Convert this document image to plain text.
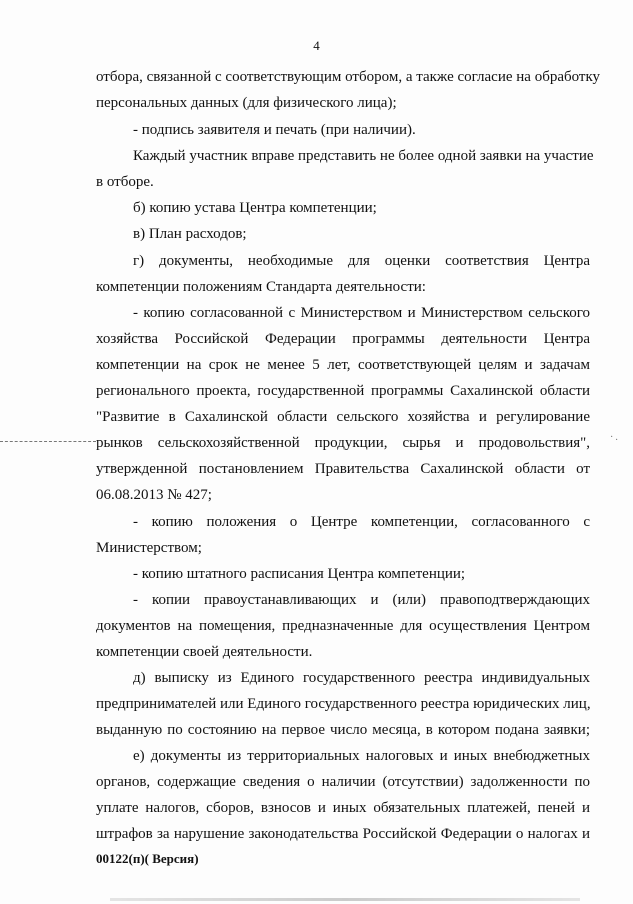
4
отбора, связанной с соответствующим отбором, а также согласие на обработку
персональных данных (для физического лица);
- подпись заявителя и печать (при наличии).
Каждый участник вправе представить не более одной заявки на участие
в отборе.
б) копию устава Центра компетенции;
в) План расходов;
г) документы, необходимые для оценки соответствия Центра
компетенции положениям Стандарта деятельности:
- копию согласованной с Министерством и Министерством сельского
хозяйства Российской Федерации программы деятельности Центра
компетенции на срок не менее 5 лет, соответствующей целям и задачам
регионального проекта, государственной программы Сахалинской области
"Развитие в Сахалинской области сельского хозяйства и регулирование
рынков сельскохозяйственной продукции, сырья и продовольствия",
утвержденной постановлением Правительства Сахалинской области от
06.08.2013 № 427;
- копию положения о Центре компетенции, согласованного с
Министерством;
- копию штатного расписания Центра компетенции;
- копии правоустанавливающих и (или) правоподтверждающих
документов на помещения, предназначенные для осуществления Центром
компетенции своей деятельности.
д) выписку из Единого государственного реестра индивидуальных
предпринимателей или Единого государственного реестра юридических лиц,
выданную по состоянию на первое число месяца, в котором подана заявки;
е) документы из территориальных налоговых и иных внебюджетных
органов, содержащие сведения о наличии (отсутствии) задолженности по
уплате налогов, сборов, взносов и иных обязательных платежей, пеней и
штрафов за нарушение законодательства Российской Федерации о налогах и
00122(п)( Версия)
·.
